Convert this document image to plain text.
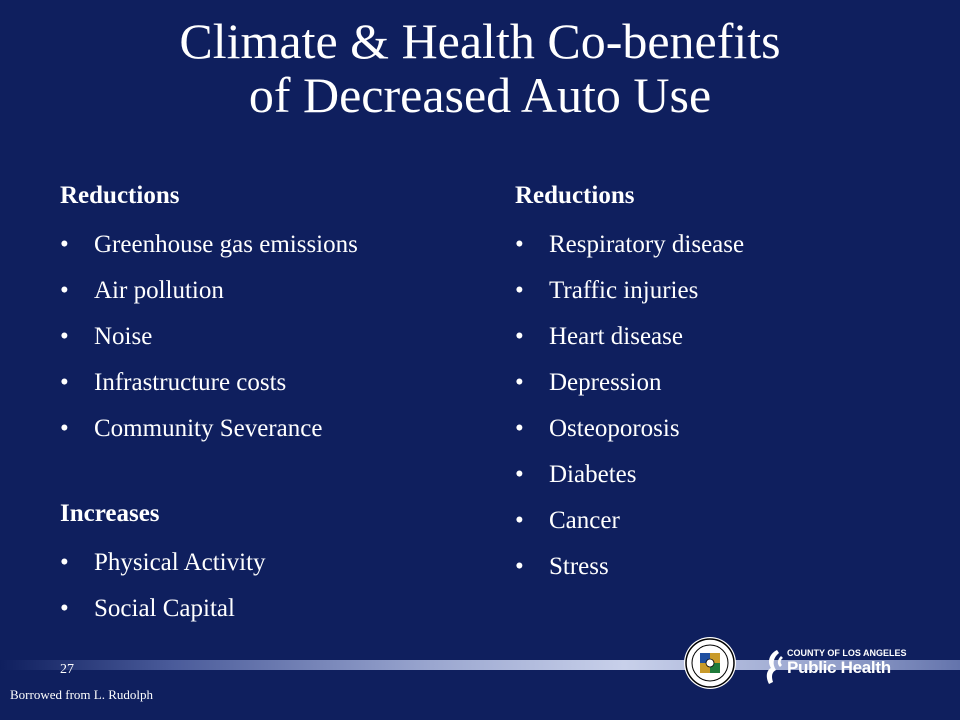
Climate & Health Co-benefits
of Decreased Auto Use
Reductions
•	Greenhouse gas emissions
•	Air pollution
•	Noise
•	Infrastructure costs
•	Community Severance
Increases
•	Physical Activity
•	Social Capital
Reductions
•	Respiratory disease
•	Traffic injuries
•	Heart disease
•	Depression
•	Osteoporosis
•	Diabetes
•	Cancer
•	Stress
27
Borrowed from L. Rudolph
COUNTY OF LOS ANGELES
Public Health
